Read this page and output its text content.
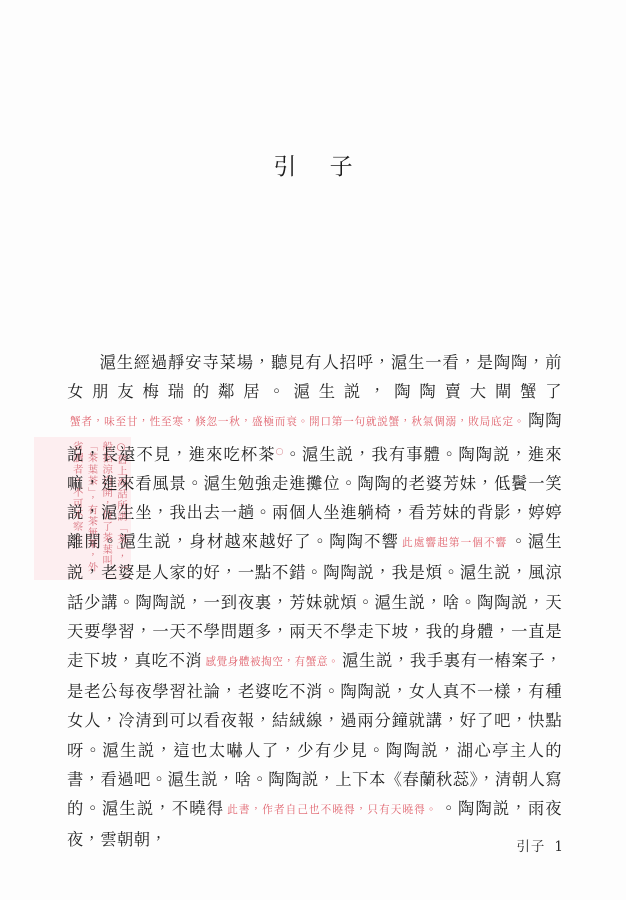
引 子
○舊上海話所謂「茶」，一
般指涼白開，放了茶葉叫
「茶葉茶」，有茶無茶，外
省讀者，不可不察。

滬生經過靜安寺菜場，聽見有人招呼，滬生一看，是陶陶，前女朋友梅瑞的鄰居。滬生説，陶陶賣大閘蟹了蟹者，味至甘，性至寒，倏忽一秋，盛極而衰。開口第一句就説蟹，秋氣倜溺，敗局底定。 陶陶説，長遠不見，進來吃杯茶○。滬生説，我有事體。陶陶説，進來嘛，進來看風景。滬生勉強走進攤位。陶陶的老婆芳妹，低鬢一笑説，滬生坐，我出去一趟。兩個人坐進躺椅，看芳妹的背影，婷婷離開。滬生説，身材越來越好了。陶陶不響 此處響起第一個不響 。滬生説，老婆是人家的好，一點不錯。陶陶説，我是煩。滬生説，風涼話少講。陶陶説，一到夜裏，芳妹就煩。滬生説，啥。陶陶説，天天要學習，一天不學問題多，兩天不學走下坡，我的身體，一直是走下坡，真吃不消 感覺身體被掏空，有蟹意。 滬生説，我手裏有一樁案子，是老公每夜學習社論，老婆吃不消。陶陶説，女人真不一樣，有種女人，冷清到可以看夜報，結絨線，過兩分鐘就講，好了吧，快點呀。滬生説，這也太嚇人了，少有少見。陶陶説，湖心亭主人的書，看過吧。滬生説，啥。陶陶説，上下本《春蘭秋蕊》，清朝人寫的。滬生説，不曉得 此書，作者自己也不曉得，只有天曉得。 。陶陶説，雨夜夜，雲朝朝，	引子 1
